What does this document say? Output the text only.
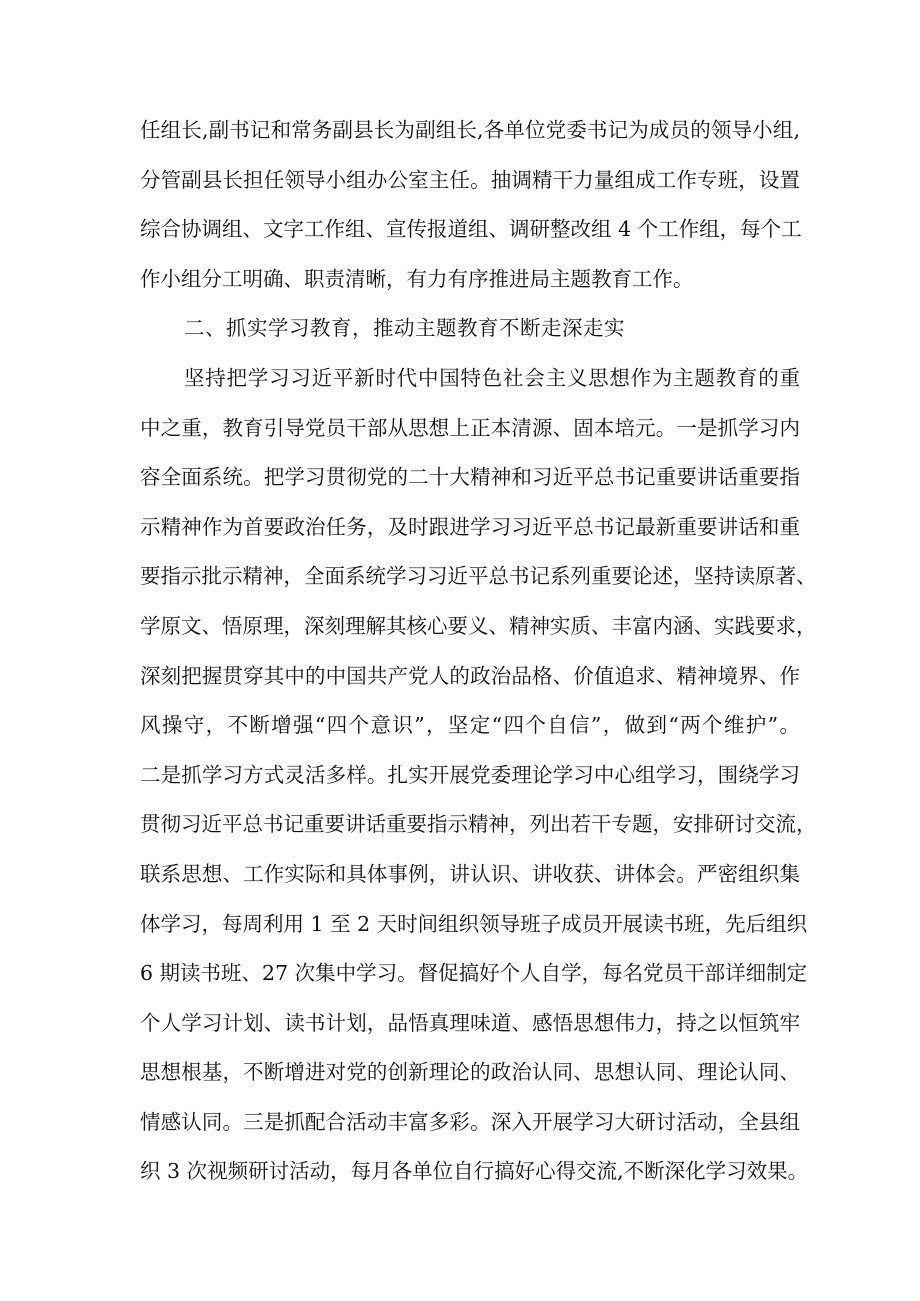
任组长,副书记和常务副县长为副组长,各单位党委书记为成员的领导小组,
分管副县长担任领导小组办公室主任。抽调精干力量组成工作专班，设置
综合协调组、文字工作组、宣传报道组、调研整改组 4 个工作组，每个工
作小组分工明确、职责清晰，有力有序推进局主题教育工作。
二、抓实学习教育，推动主题教育不断走深走实
坚持把学习习近平新时代中国特色社会主义思想作为主题教育的重
中之重，教育引导党员干部从思想上正本清源、固本培元。一是抓学习内
容全面系统。把学习贯彻党的二十大精神和习近平总书记重要讲话重要指
示精神作为首要政治任务，及时跟进学习习近平总书记最新重要讲话和重
要指示批示精神，全面系统学习习近平总书记系列重要论述，坚持读原著、
学原文、悟原理，深刻理解其核心要义、精神实质、丰富内涵、实践要求，
深刻把握贯穿其中的中国共产党人的政治品格、价值追求、精神境界、作
风操守，不断增强“四个意识”，坚定“四个自信”，做到“两个维护”。
二是抓学习方式灵活多样。扎实开展党委理论学习中心组学习，围绕学习
贯彻习近平总书记重要讲话重要指示精神，列出若干专题，安排研讨交流，
联系思想、工作实际和具体事例，讲认识、讲收获、讲体会。严密组织集
体学习，每周利用 1 至 2 天时间组织领导班子成员开展读书班，先后组织
6 期读书班、27 次集中学习。督促搞好个人自学，每名党员干部详细制定
个人学习计划、读书计划，品悟真理味道、感悟思想伟力，持之以恒筑牢
思想根基，不断增进对党的创新理论的政治认同、思想认同、理论认同、
情感认同。三是抓配合活动丰富多彩。深入开展学习大研讨活动，全县组
织 3 次视频研讨活动，每月各单位自行搞好心得交流,不断深化学习效果。
